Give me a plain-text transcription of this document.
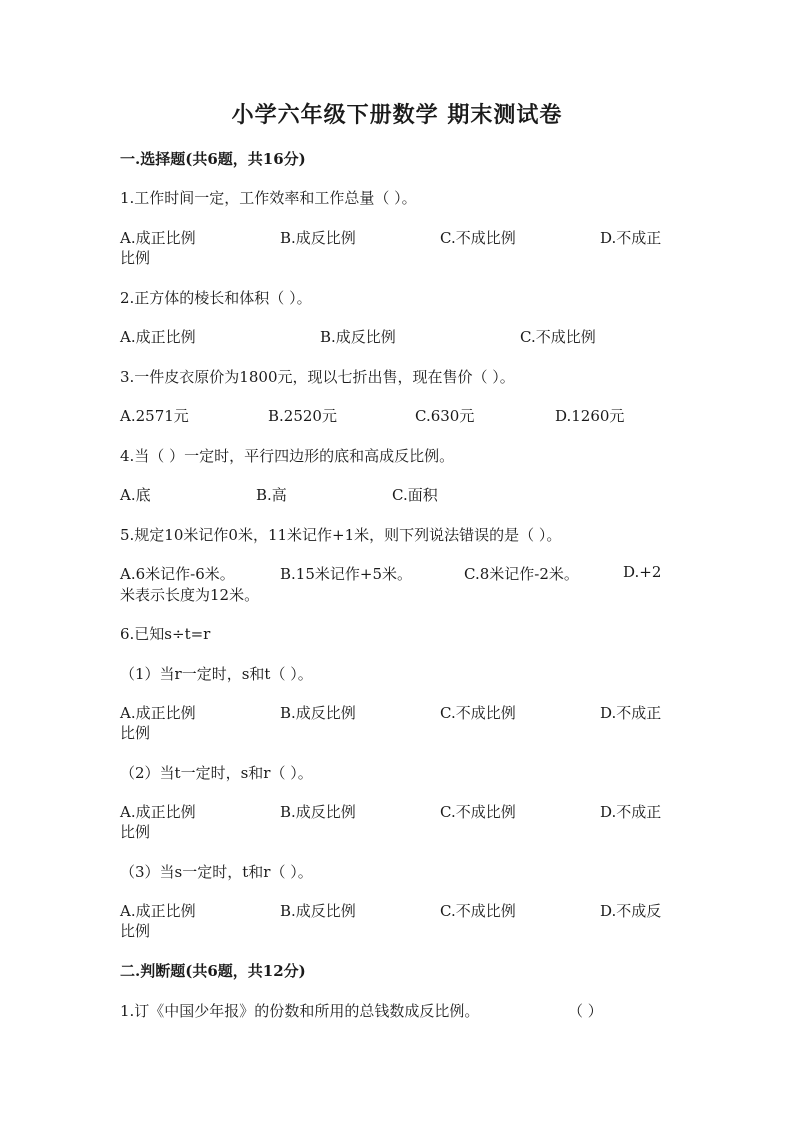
小学六年级下册数学 期末测试卷
一.选择题(共6题，共16分)
1.工作时间一定，工作效率和工作总量（ ）。
A.成正比例	B.成反比例	C.不成比例	D.不成正
比例
2.正方体的棱长和体积（ ）。
A.成正比例	B.成反比例	C.不成比例
3.一件皮衣原价为1800元，现以七折出售，现在售价（ ）。
A.2571元	B.2520元	C.630元	D.1260元
4.当（ ）一定时，平行四边形的底和高成反比例。
A.底	B.高	C.面积
5.规定10米记作0米，11米记作+1米，则下列说法错误的是（ ）。
A.6米记作-6米。	B.15米记作+5米。	C.8米记作-2米。	D.+2
米表示长度为12米。
6.已知s÷t=r
（1）当r一定时，s和t（ ）。
A.成正比例	B.成反比例	C.不成比例	D.不成正
比例
（2）当t一定时，s和r（ ）。
A.成正比例	B.成反比例	C.不成比例	D.不成正
比例
（3）当s一定时，t和r（ ）。
A.成正比例	B.成反比例	C.不成比例	D.不成反
比例
二.判断题(共6题，共12分)
1.订《中国少年报》的份数和所用的总钱数成反比例。	（ ）
